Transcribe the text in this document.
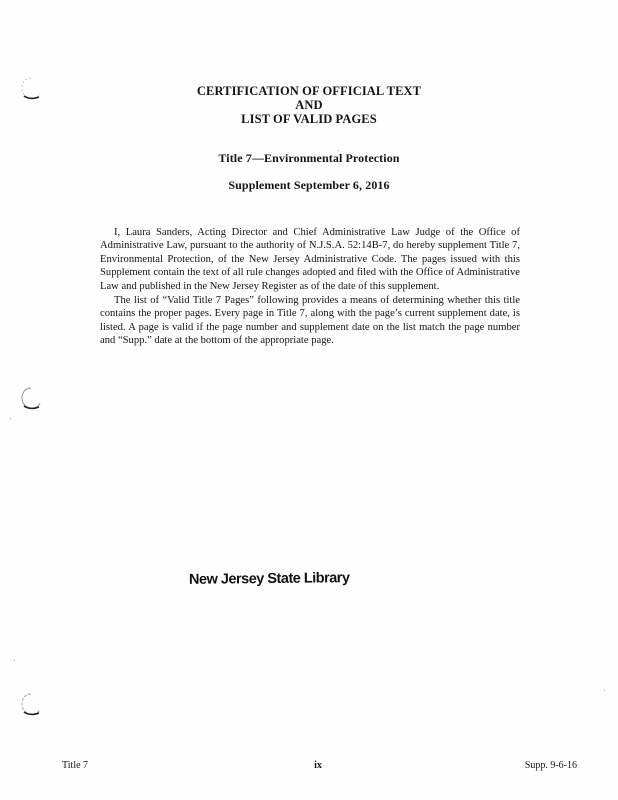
CERTIFICATION OF OFFICIAL TEXT
AND
LIST OF VALID PAGES
Title 7—Environmental Protection
Supplement September 6, 2016

I, Laura Sanders, Acting Director and Chief Administrative Law Judge of the Office of Administrative Law, pursuant to the authority of N.J.S.A. 52:14B-7, do hereby supplement Title 7, Environmental Protection, of the New Jersey Administrative Code. The pages issued with this Supplement contain the text of all rule changes adopted and filed with the Office of Administrative Law and published in the New Jersey Register as of the date of this supplement.

The list of “Valid Title 7 Pages” following provides a means of determining whether this title contains the proper pages. Every page in Title 7, along with the page’s current supplement date, is listed. A page is valid if the page number and supplement date on the list match the page number and “Supp.” date at the bottom of the appropriate page.

New Jersey State Library
Title 7	ix	Supp. 9-6-16
